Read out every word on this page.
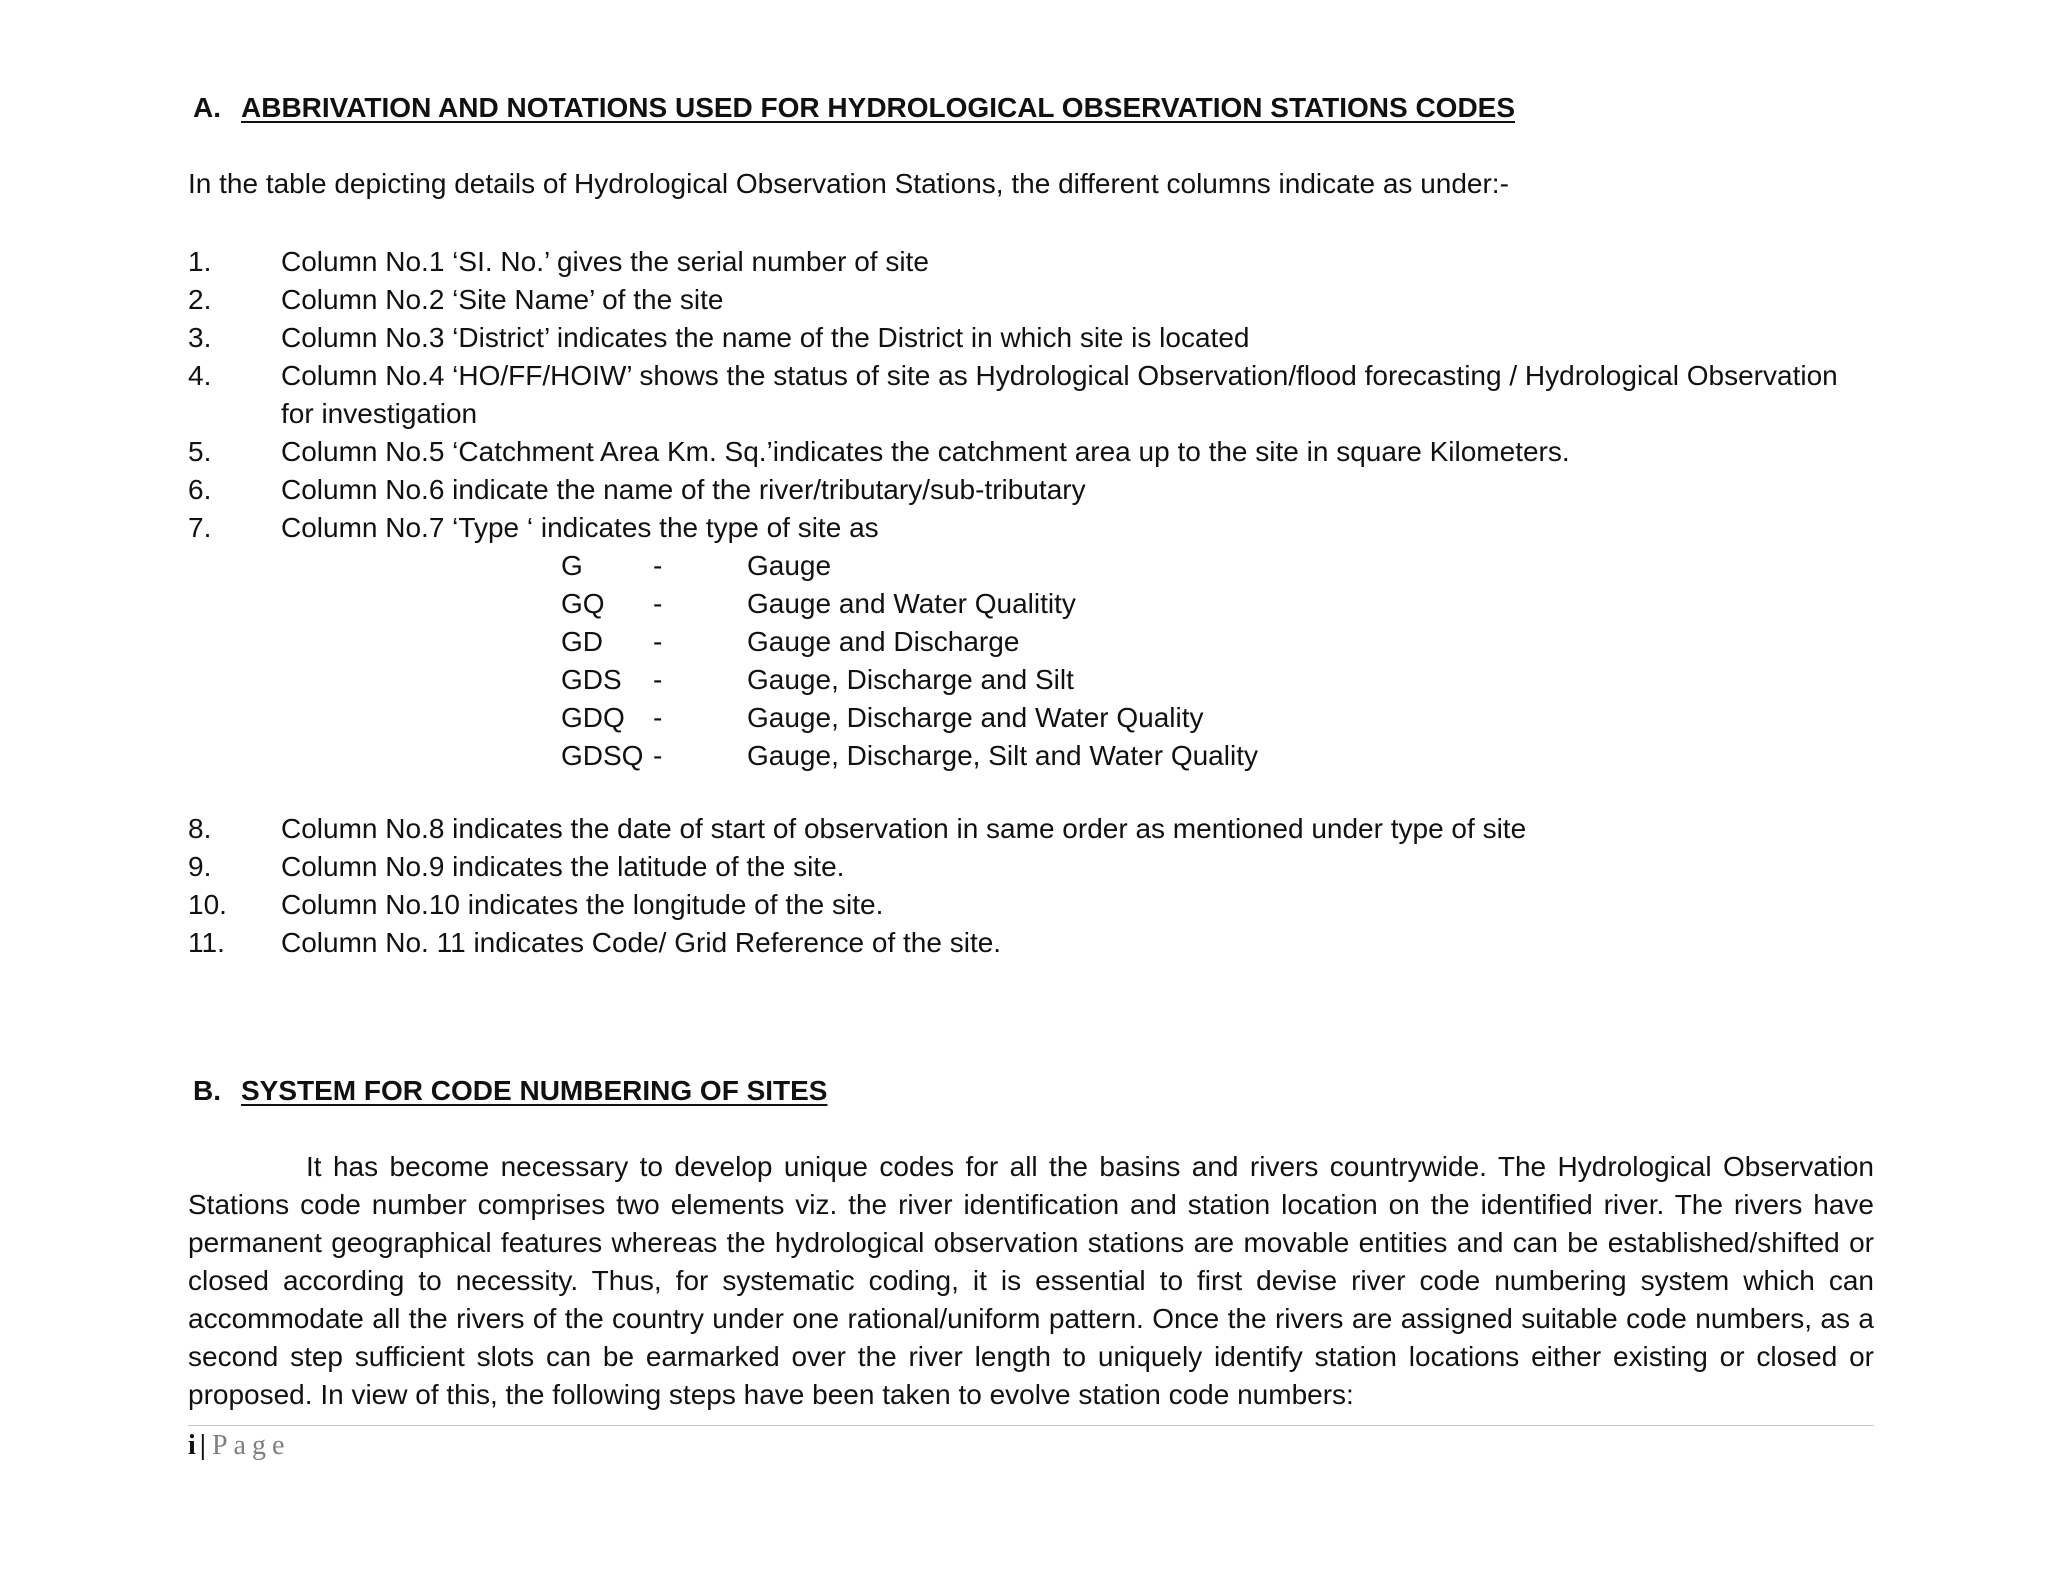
A. ABBRIVATION AND NOTATIONS USED FOR HYDROLOGICAL OBSERVATION STATIONS CODES
In the table depicting details of Hydrological Observation Stations, the different columns indicate as under:-
1.	Column No.1 ‘SI. No.’ gives the serial number of site
2.	Column No.2 ‘Site Name’ of the site
3.	Column No.3 ‘District’ indicates the name of the District in which site is located
4.	Column No.4 ‘HO/FF/HOIW’ shows the status of site as Hydrological Observation/flood forecasting / Hydrological Observation for investigation
5.	Column No.5 ‘Catchment Area Km. Sq.’indicates the catchment area up to the site in square Kilometers.
6.	Column No.6 indicate the name of the river/tributary/sub-tributary
7.	Column No.7 ‘Type ‘ indicates the type of site as
G	-	Gauge
GQ	-	Gauge and Water Qualitity
GD	-	Gauge and Discharge
GDS	-	Gauge, Discharge and Silt
GDQ	-	Gauge, Discharge and Water Quality
GDSQ -	Gauge, Discharge, Silt and Water Quality
8.	Column No.8 indicates the date of start of observation in same order as mentioned under type of site
9.	Column No.9 indicates the latitude of the site.
10.	Column No.10 indicates the longitude of the site.
11.	Column No. 11 indicates Code/ Grid Reference of the site.
B. SYSTEM FOR CODE NUMBERING OF SITES
It has become necessary to develop unique codes for all the basins and rivers countrywide. The Hydrological Observation Stations code number comprises two elements viz. the river identification and station location on the identified river. The rivers have permanent geographical features whereas the hydrological observation stations are movable entities and can be established/shifted or closed according to necessity. Thus, for systematic coding, it is essential to first devise river code numbering system which can accommodate all the rivers of the country under one rational/uniform pattern. Once the rivers are assigned suitable code numbers, as a second step sufficient slots can be earmarked over the river length to uniquely identify station locations either existing or closed or proposed. In view of this, the following steps have been taken to evolve station code numbers:
i | Page
